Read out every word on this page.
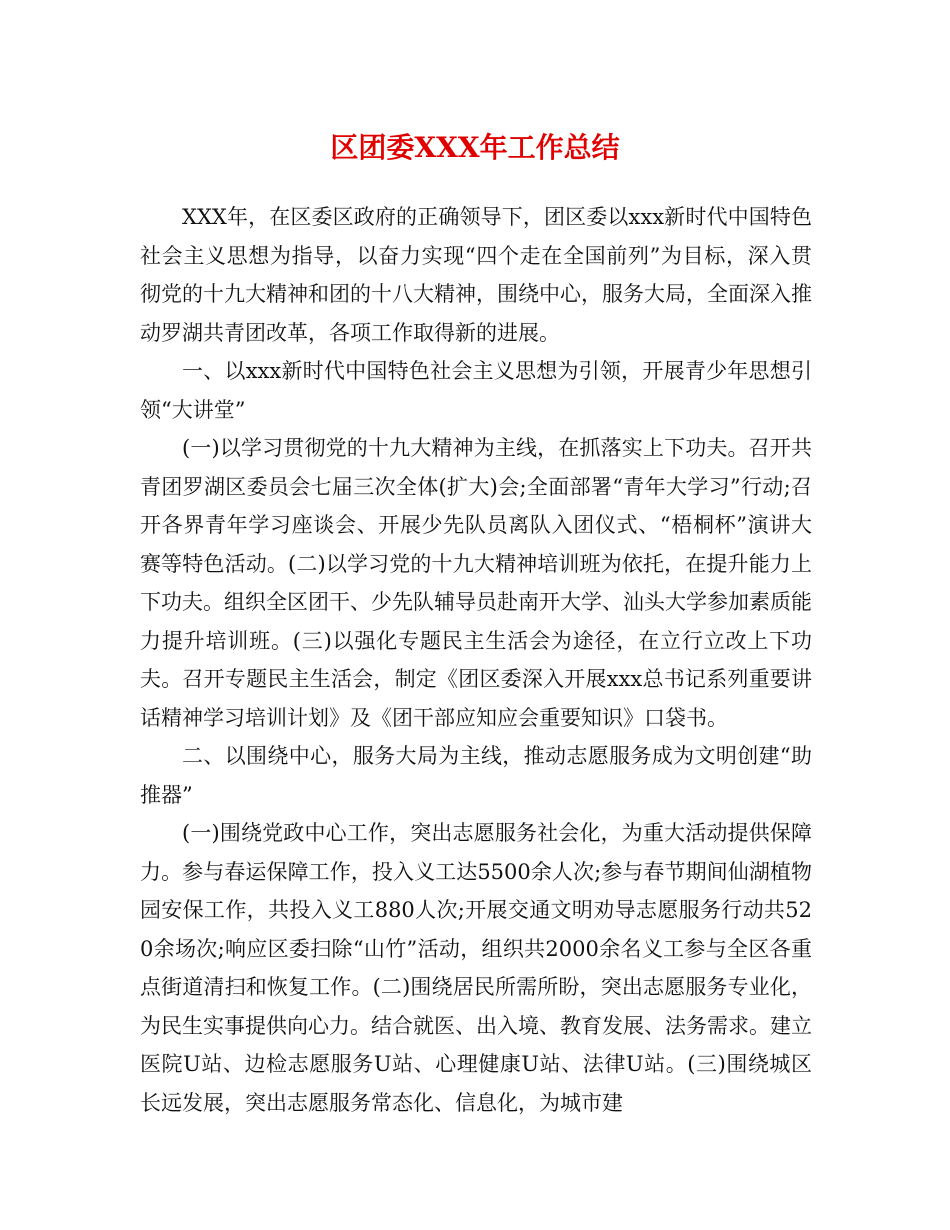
区团委XXX年工作总结

XXX年，在区委区政府的正确领导下，团区委以xxx新时代中国特色社会主义思想为指导，以奋力实现“四个走在全国前列”为目标，深入贯彻党的十九大精神和团的十八大精神，围绕中心，服务大局，全面深入推动罗湖共青团改革，各项工作取得新的进展。

一、以xxx新时代中国特色社会主义思想为引领，开展青少年思想引领“大讲堂”

(一)以学习贯彻党的十九大精神为主线，在抓落实上下功夫。召开共青团罗湖区委员会七届三次全体(扩大)会;全面部署“青年大学习”行动;召开各界青年学习座谈会、开展少先队员离队入团仪式、“梧桐杯”演讲大赛等特色活动。(二)以学习党的十九大精神培训班为依托，在提升能力上下功夫。组织全区团干、少先队辅导员赴南开大学、汕头大学参加素质能力提升培训班。(三)以强化专题民主生活会为途径，在立行立改上下功夫。召开专题民主生活会，制定《团区委深入开展xxx总书记系列重要讲话精神学习培训计划》及《团干部应知应会重要知识》口袋书。

二、以围绕中心，服务大局为主线，推动志愿服务成为文明创建“助推器”

(一)围绕党政中心工作，突出志愿服务社会化，为重大活动提供保障力。参与春运保障工作，投入义工达5500余人次;参与春节期间仙湖植物园安保工作，共投入义工880人次;开展交通文明劝导志愿服务行动共520余场次;响应区委扫除“山竹”活动，组织共2000余名义工参与全区各重点街道清扫和恢复工作。(二)围绕居民所需所盼，突出志愿服务专业化，为民生实事提供向心力。结合就医、出入境、教育发展、法务需求。建立医院U站、边检志愿服务U站、心理健康U站、法律U站。(三)围绕城区长远发展，突出志愿服务常态化、信息化，为城市建
